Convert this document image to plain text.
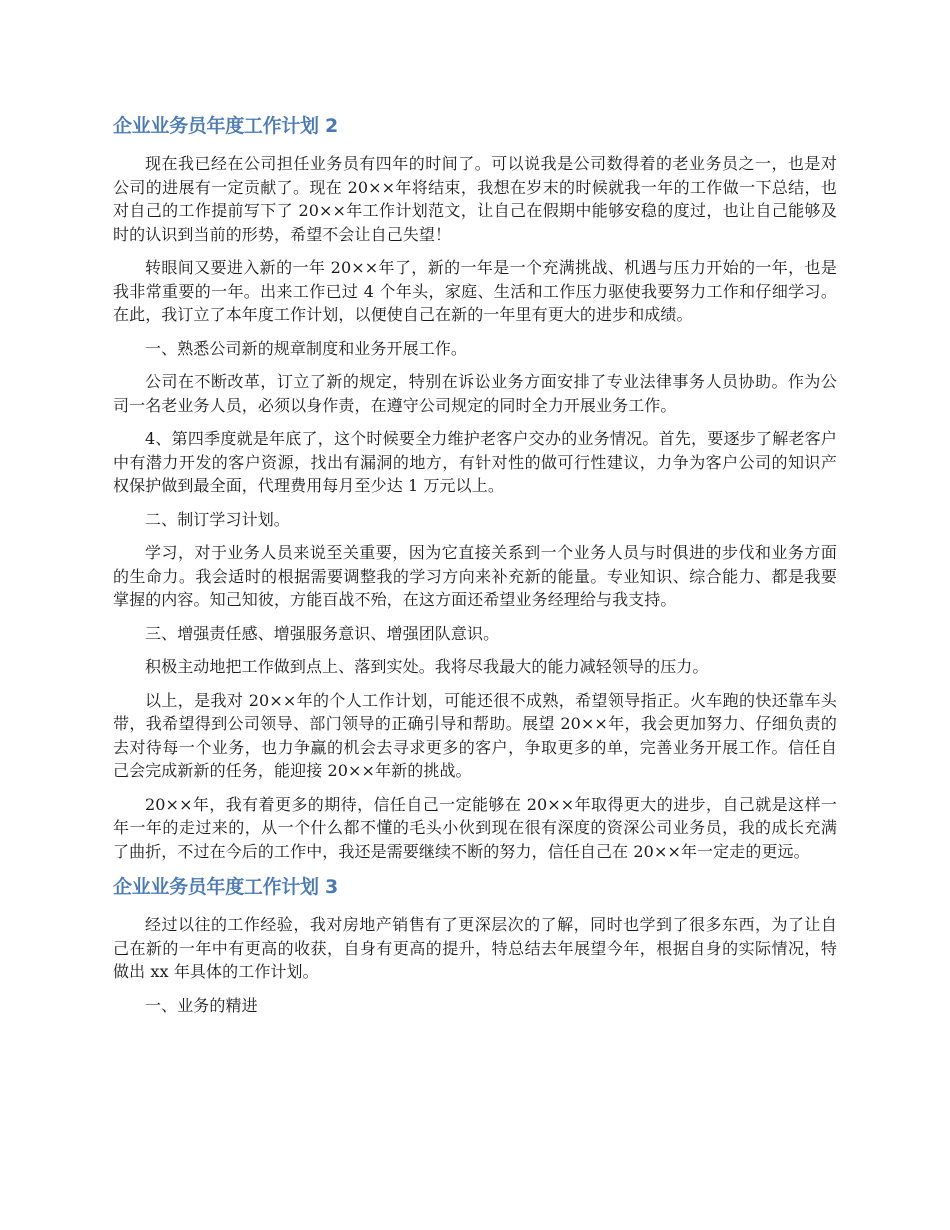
企业业务员年度工作计划 2

现在我已经在公司担任业务员有四年的时间了。可以说我是公司数得着的老业务员之一，也是对公司的进展有一定贡献了。现在 20××年将结束，我想在岁末的时候就我一年的工作做一下总结，也对自己的工作提前写下了 20××年工作计划范文，让自己在假期中能够安稳的度过，也让自己能够及时的认识到当前的形势，希望不会让自己失望！

转眼间又要进入新的一年 20××年了，新的一年是一个充满挑战、机遇与压力开始的一年，也是我非常重要的一年。出来工作已过 4 个年头，家庭、生活和工作压力驱使我要努力工作和仔细学习。在此，我订立了本年度工作计划，以便使自己在新的一年里有更大的进步和成绩。

一、熟悉公司新的规章制度和业务开展工作。

公司在不断改革，订立了新的规定，特别在诉讼业务方面安排了专业法律事务人员协助。作为公司一名老业务人员，必须以身作责，在遵守公司规定的同时全力开展业务工作。

4、第四季度就是年底了，这个时候要全力维护老客户交办的业务情况。首先，要逐步了解老客户中有潜力开发的客户资源，找出有漏洞的地方，有针对性的做可行性建议，力争为客户公司的知识产权保护做到最全面，代理费用每月至少达 1 万元以上。

二、制订学习计划。

学习，对于业务人员来说至关重要，因为它直接关系到一个业务人员与时俱进的步伐和业务方面的生命力。我会适时的根据需要调整我的学习方向来补充新的能量。专业知识、综合能力、都是我要掌握的内容。知己知彼，方能百战不殆，在这方面还希望业务经理给与我支持。

三、增强责任感、增强服务意识、增强团队意识。

积极主动地把工作做到点上、落到实处。我将尽我最大的能力减轻领导的压力。

以上，是我对 20××年的个人工作计划，可能还很不成熟，希望领导指正。火车跑的快还靠车头带，我希望得到公司领导、部门领导的正确引导和帮助。展望 20××年，我会更加努力、仔细负责的去对待每一个业务，也力争赢的机会去寻求更多的客户，争取更多的单，完善业务开展工作。信任自己会完成新新的任务，能迎接 20××年新的挑战。

20××年，我有着更多的期待，信任自己一定能够在 20××年取得更大的进步，自己就是这样一年一年的走过来的，从一个什么都不懂的毛头小伙到现在很有深度的资深公司业务员，我的成长充满了曲折，不过在今后的工作中，我还是需要继续不断的努力，信任自己在 20××年一定走的更远。

企业业务员年度工作计划 3

经过以往的工作经验，我对房地产销售有了更深层次的了解，同时也学到了很多东西，为了让自己在新的一年中有更高的收获，自身有更高的提升，特总结去年展望今年，根据自身的实际情况，特做出 xx 年具体的工作计划。

一、业务的精进
